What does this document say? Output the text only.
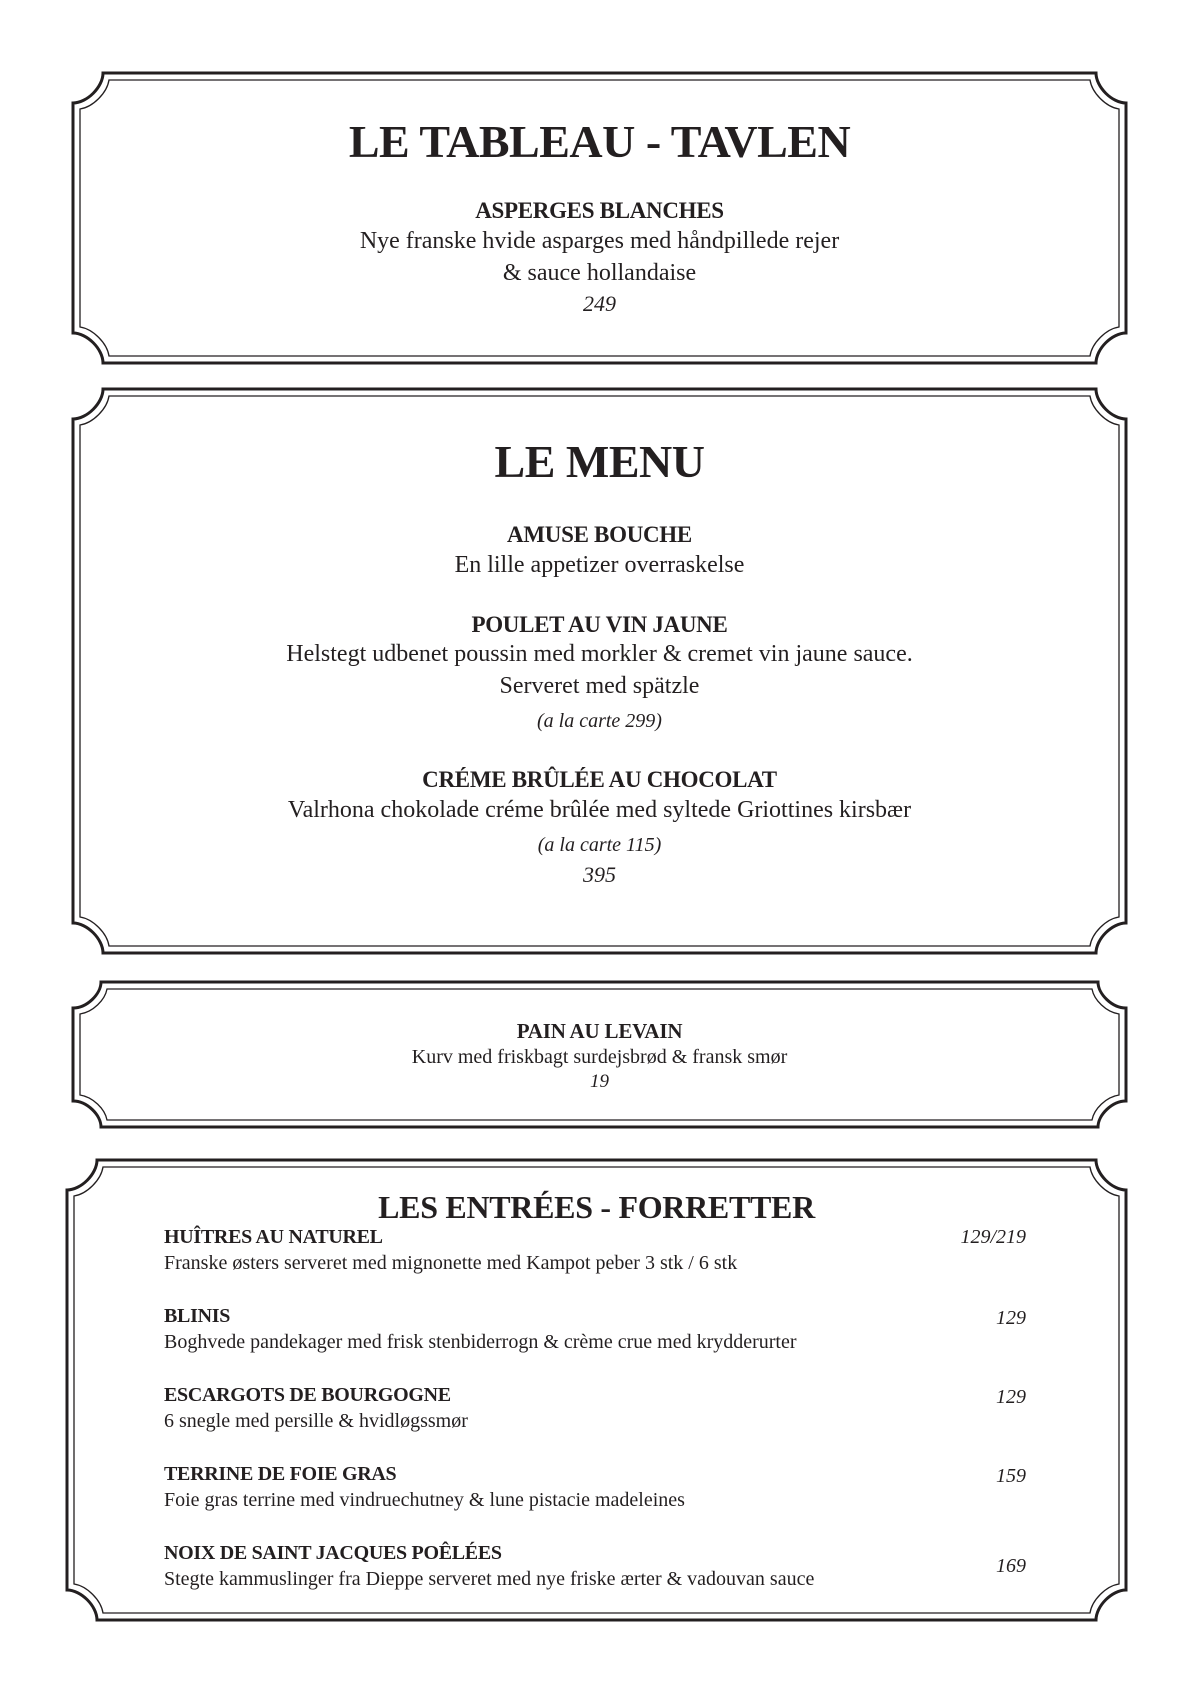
LE TABLEAU - TAVLEN
ASPERGES BLANCHES
Nye franske hvide asparges med håndpillede rejer
& sauce hollandaise
249
LE MENU
AMUSE BOUCHE
En lille appetizer overraskelse
POULET AU VIN JAUNE
Helstegt udbenet poussin med morkler & cremet vin jaune sauce.
Serveret med spätzle
(a la carte 299)
CRÉME BRÛLÉE AU CHOCOLAT
Valrhona chokolade créme brûlée med syltede Griottines kirsbær
(a la carte 115)
395
PAIN AU LEVAIN
Kurv med friskbagt surdejsbrød & fransk smør
19
LES ENTRÉES - FORRETTER
HUÎTRES AU NATUREL
Franske østers serveret med mignonette med Kampot peber 3 stk / 6 stk
129/219
BLINIS
Boghvede pandekager med frisk stenbiderrogn & crème crue med krydderurter
129
ESCARGOTS DE BOURGOGNE
6 snegle med persille & hvidløgssmør
129
TERRINE DE FOIE GRAS
Foie gras terrine med vindruechutney & lune pistacie madeleines
159
NOIX DE SAINT JACQUES POÊLÉES
Stegte kammuslinger fra Dieppe serveret med nye friske ærter & vadouvan sauce
169
